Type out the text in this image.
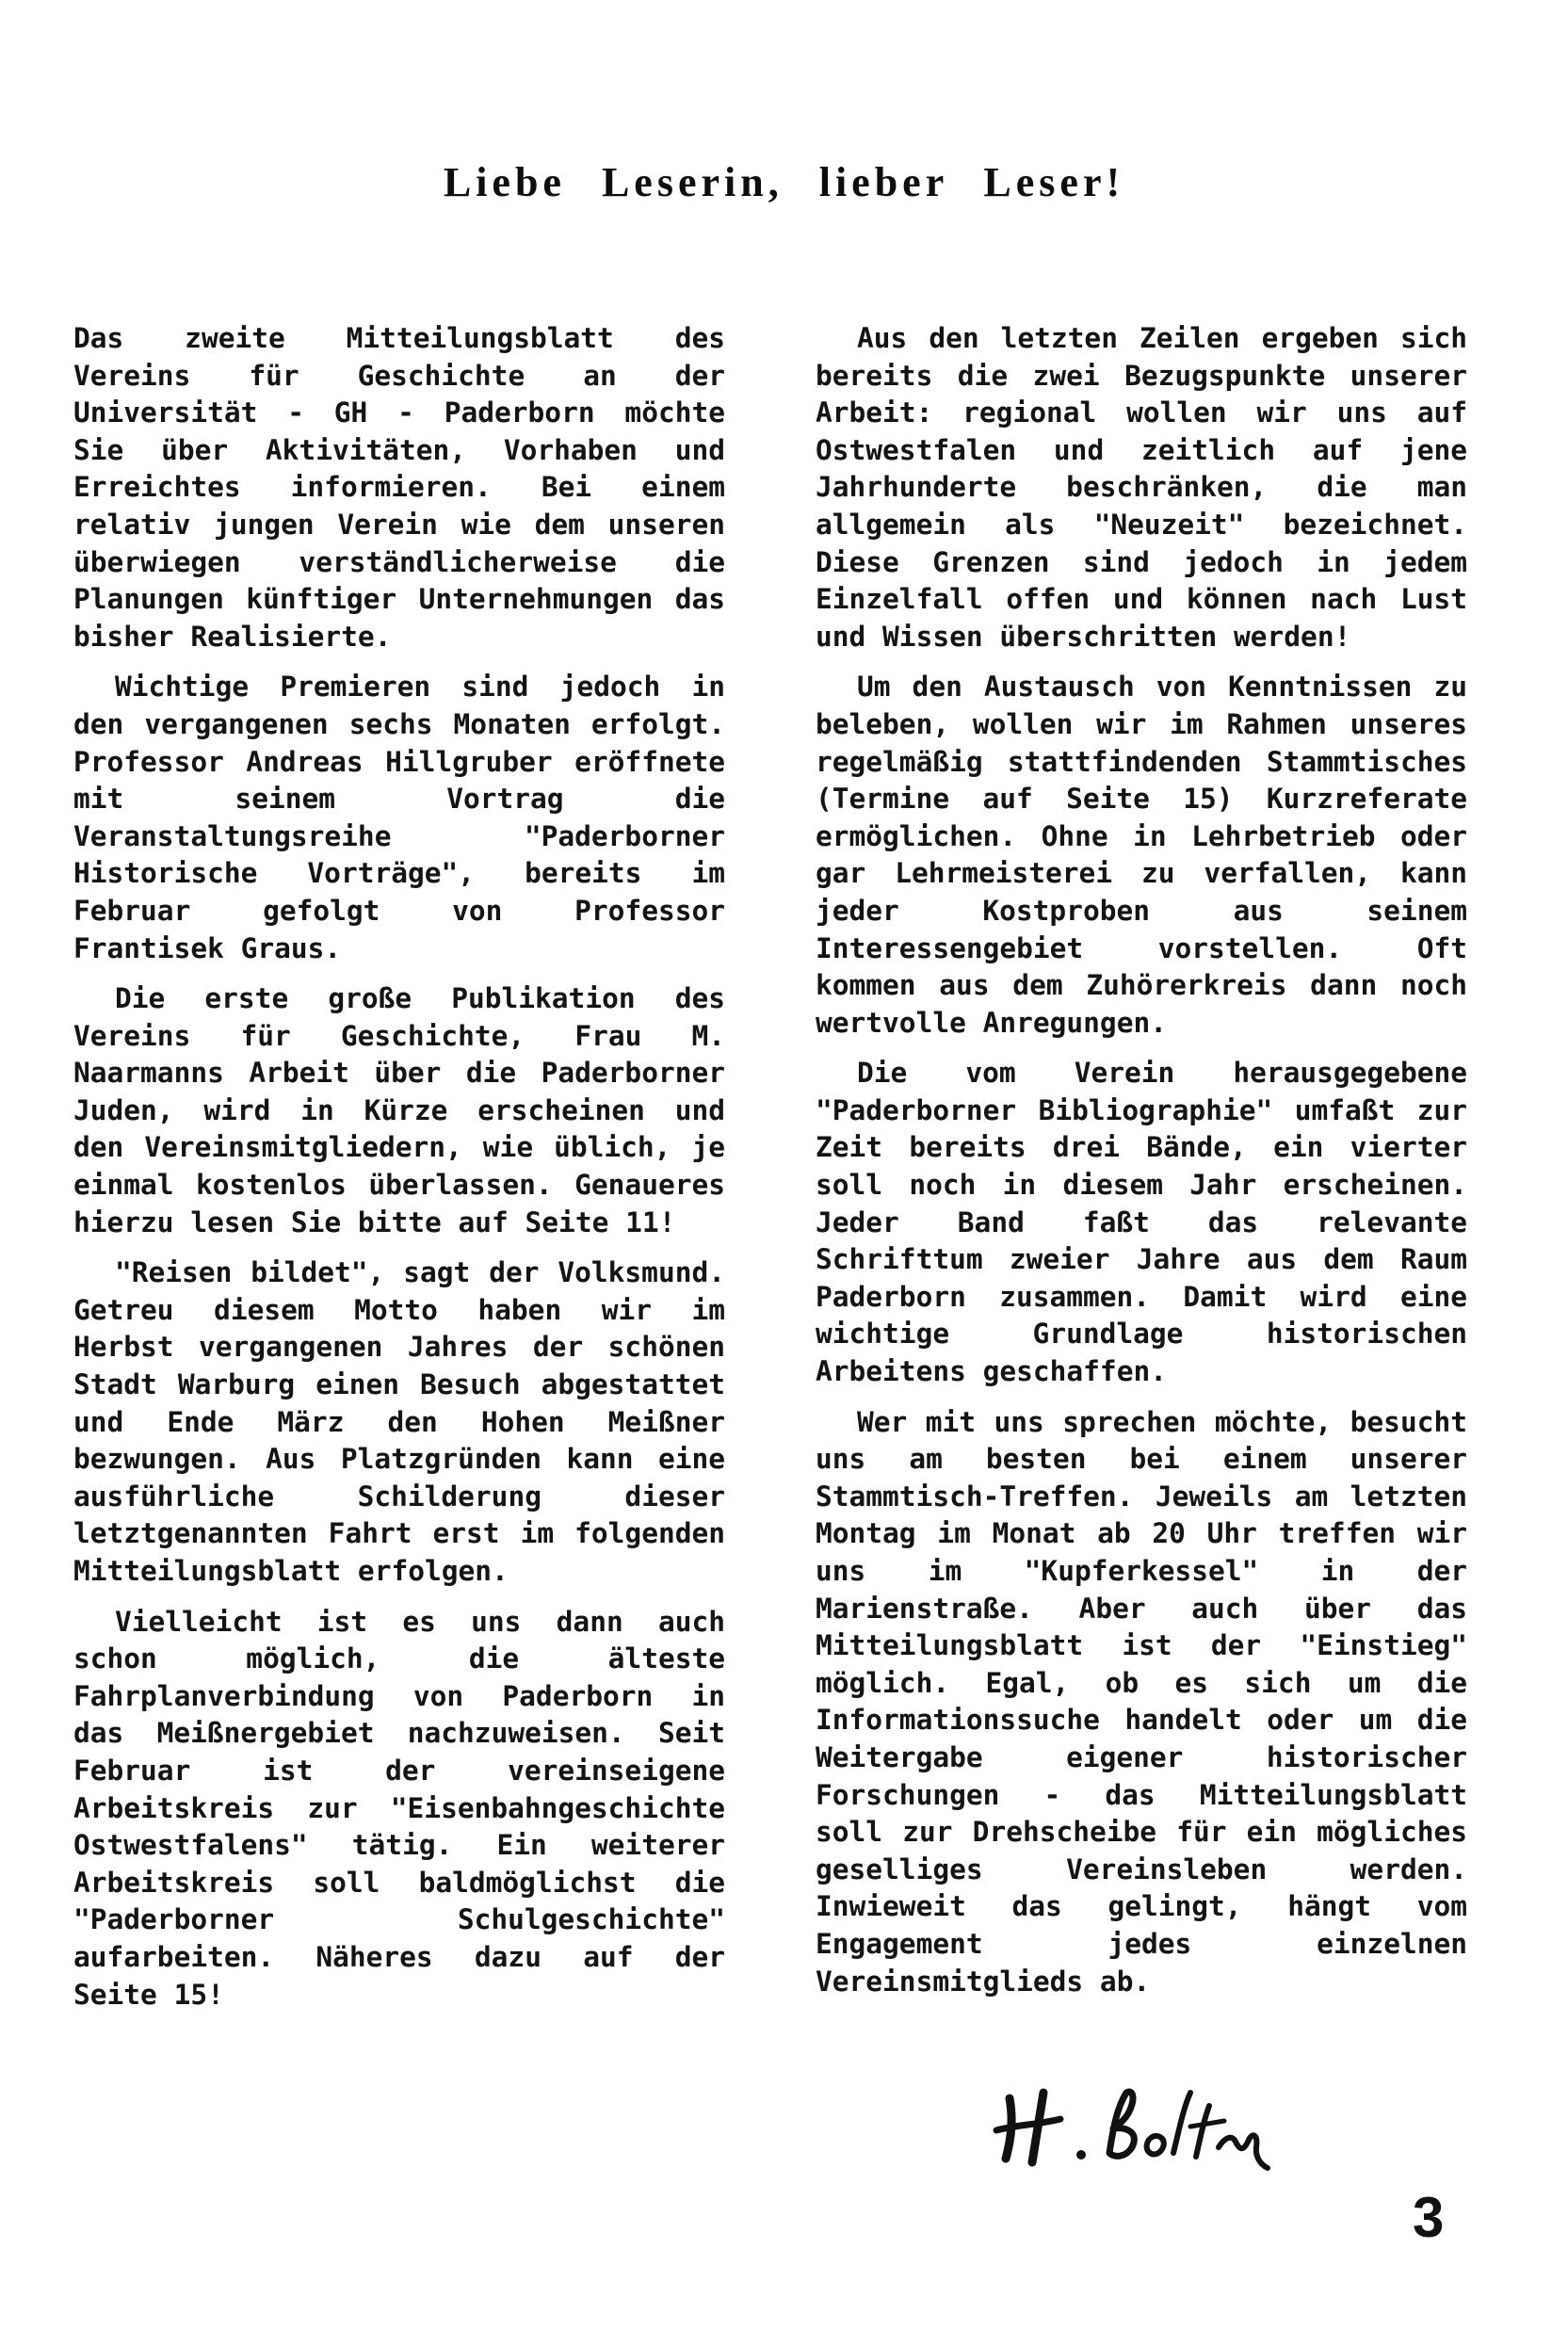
Liebe Leserin, lieber Leser!

Das zweite Mitteilungsblatt des Vereins für Geschichte an der Universität - GH - Paderborn möchte Sie über Aktivitäten, Vorhaben und Erreichtes informieren. Bei einem relativ jungen Verein wie dem unseren überwiegen verständlicherweise die Planungen künftiger Unternehmungen das bisher Realisierte.

Wichtige Premieren sind jedoch in den vergangenen sechs Monaten erfolgt. Professor Andreas Hillgruber eröffnete mit seinem Vortrag die Veranstaltungsreihe "Paderborner Historische Vorträge", bereits im Februar gefolgt von Professor Frantisek Graus.

Die erste große Publikation des Vereins für Geschichte, Frau M. Naarmanns Arbeit über die Paderborner Juden, wird in Kürze erscheinen und den Vereinsmitgliedern, wie üblich, je einmal kostenlos überlassen. Genaueres hierzu lesen Sie bitte auf Seite 11!

"Reisen bildet", sagt der Volksmund. Getreu diesem Motto haben wir im Herbst vergangenen Jahres der schönen Stadt Warburg einen Besuch abgestattet und Ende März den Hohen Meißner bezwungen. Aus Platzgründen kann eine ausführliche Schilderung dieser letztgenannten Fahrt erst im folgenden Mitteilungsblatt erfolgen.

Vielleicht ist es uns dann auch schon möglich, die älteste Fahrplanverbindung von Paderborn in das Meißnergebiet nachzuweisen. Seit Februar ist der vereinseigene Arbeitskreis zur "Eisenbahngeschichte Ostwestfalens" tätig. Ein weiterer Arbeitskreis soll baldmöglichst die "Paderborner Schulgeschichte" aufarbeiten. Näheres dazu auf der Seite 15!

Aus den letzten Zeilen ergeben sich bereits die zwei Bezugspunkte unserer Arbeit: regional wollen wir uns auf Ostwestfalen und zeitlich auf jene Jahrhunderte beschränken, die man allgemein als "Neuzeit" bezeichnet. Diese Grenzen sind jedoch in jedem Einzelfall offen und können nach Lust und Wissen überschritten werden!

Um den Austausch von Kenntnissen zu beleben, wollen wir im Rahmen unseres regelmäßig stattfindenden Stammtisches (Termine auf Seite 15) Kurzreferate ermöglichen. Ohne in Lehrbetrieb oder gar Lehrmeisterei zu verfallen, kann jeder Kostproben aus seinem Interessengebiet vorstellen. Oft kommen aus dem Zuhörerkreis dann noch wertvolle Anregungen.

Die vom Verein herausgegebene "Paderborner Bibliographie" umfaßt zur Zeit bereits drei Bände, ein vierter soll noch in diesem Jahr erscheinen. Jeder Band faßt das relevante Schrifttum zweier Jahre aus dem Raum Paderborn zusammen. Damit wird eine wichtige Grundlage historischen Arbeitens geschaffen.

Wer mit uns sprechen möchte, besucht uns am besten bei einem unserer Stammtisch-Treffen. Jeweils am letzten Montag im Monat ab 20 Uhr treffen wir uns im "Kupferkessel" in der Marienstraße. Aber auch über das Mitteilungsblatt ist der "Einstieg" möglich. Egal, ob es sich um die Informationssuche handelt oder um die Weitergabe eigener historischer Forschungen - das Mitteilungsblatt soll zur Drehscheibe für ein mögliches geselliges Vereinsleben werden. Inwieweit das gelingt, hängt vom Engagement jedes einzelnen Vereinsmitglieds ab.

3
